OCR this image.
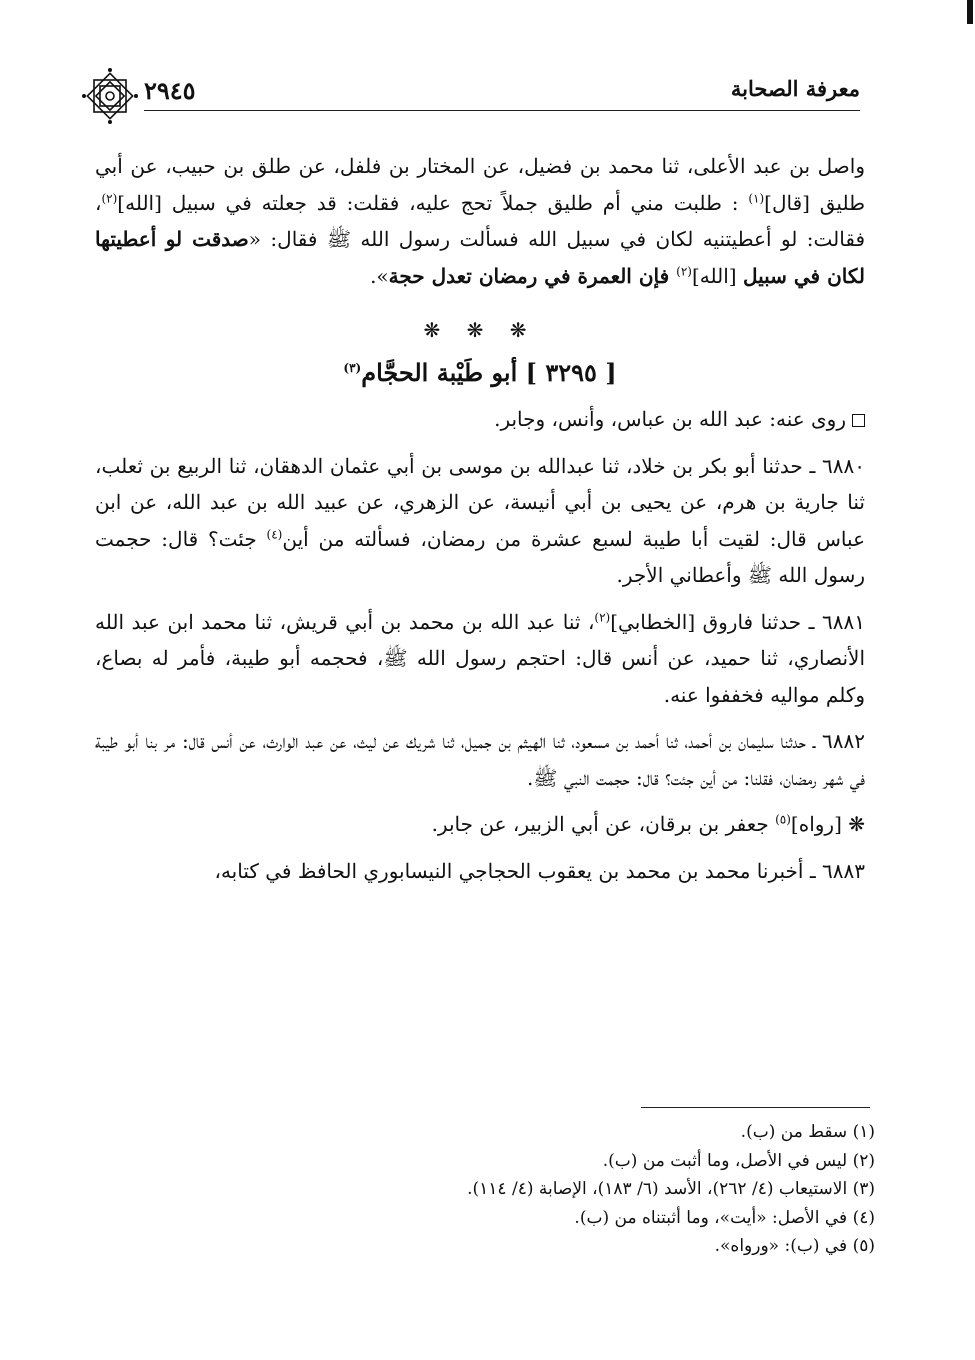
معرفة الصحابة
٢٩٤٥

واصل بن عبد الأعلى، ثنا محمد بن فضيل، عن المختار بن فلفل، عن طلق بن حبيب، عن أبي طليق [قال]$^{(١)}$ : طلبت مني أم طليق جملاً تحج عليه، فقلت: قد جعلته في سبيل [الله]$^{(٢)}$، فقالت: لو أعطيتنيه لكان في سبيل الله فسألت رسول الله ﷺ فقال: «صدقت لو أعطيتها لكان في سبيل [الله]$^{(٢)}$ فإن العمرة في رمضان تعدل حجة».

❋ ❋ ❋
[ ٣٢٩٥ ] أبو طَيْبة الحجَّام$^{(٣)}$

روى عنه: عبد الله بن عباس، وأنس، وجابر.

٦٨٨٠ ـ حدثنا أبو بكر بن خلاد، ثنا عبدالله بن موسى بن أبي عثمان الدهقان، ثنا الربيع بن ثعلب، ثنا جارية بن هرم، عن يحيى بن أبي أنيسة، عن الزهري، عن عبيد الله بن عبد الله، عن ابن عباس قال: لقيت أبا طيبة لسبع عشرة من رمضان، فسألته من أين$^{(٤)}$ جئت؟ قال: حجمت رسول الله ﷺ وأعطاني الأجر.

٦٨٨١ ـ حدثنا فاروق [الخطابي]$^{(٢)}$، ثنا عبد الله بن محمد بن أبي قريش، ثنا محمد ابن عبد الله الأنصاري، ثنا حميد، عن أنس قال: احتجم رسول الله ﷺ، فحجمه أبو طيبة، فأمر له بصاع، وكلم مواليه فخففوا عنه.

٦٨٨٢ ـ حدثنا سليمان بن أحمد، ثنا أحمد بن مسعود، ثنا الهيثم بن جميل، ثنا شريك عن ليث، عن عبد الوارث، عن أنس قال: مر بنا أبو طيبة في شهر رمضان، فقلنا: من أين جئت؟ قال: حجمت النبي ﷺ.

❋ [رواه]$^{(٥)}$ جعفر بن برقان، عن أبي الزبير، عن جابر.

٦٨٨٣ ـ أخبرنا محمد بن محمد بن يعقوب الحجاجي النيسابوري الحافظ في كتابه،

(١) سقط من (ب).
(٢) ليس في الأصل، وما أثبت من (ب).
(٣) الاستيعاب (٤/ ٢٦٢)، الأسد (٦/ ١٨٣)، الإصابة (٤/ ١١٤).
(٤) في الأصل: «أيت»، وما أثبتناه من (ب).
(٥) في (ب): «ورواه».
